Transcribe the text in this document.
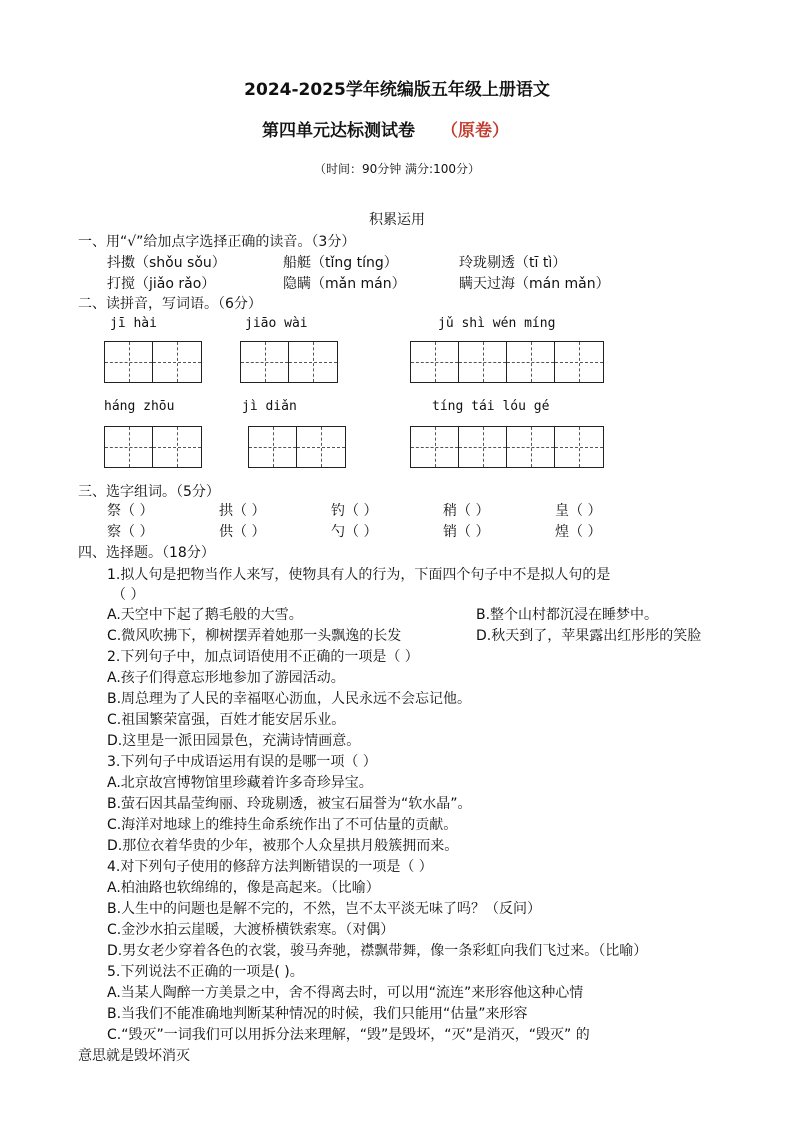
2024-2025学年统编版五年级上册语文
第四单元达标测试卷 （原卷）
（时间：90分钟 满分:100分）
积累运用
一、用“√”给加点字选择正确的读音。（3分）
抖擞（shǒu sǒu）	船艇（tǐng tíng）	玲珑剔透（tī tì）
打搅（jiǎo rǎo）	隐瞒（mǎn mán）	瞒天过海（mán mǎn）
二、读拼音，写词语。（6分）
jī hài	jiāo wài	jǔ shì wén míng
háng zhōu	jì diǎn	tíng tái lóu gé
三、选字组词。（5分）
祭（ ）	拱（ ）	钓（ ）	稍（ ）	皇（ ）
察（ ）	供（ ）	勺（ ）	销（ ）	煌（ ）
四、选择题。（18分）
1.拟人句是把物当作人来写，使物具有人的行为，下面四个句子中不是拟人句的是
（ ）
A.天空中下起了鹅毛般的大雪。	B.整个山村都沉浸在睡梦中。
C.微风吹拂下，柳树摆弄着她那一头飘逸的长发	D.秋天到了，苹果露出红彤彤的笑脸
2.下列句子中，加点词语使用不正确的一项是（ ）
A.孩子们得意忘形地参加了游园活动。
B.周总理为了人民的幸福呕心沥血，人民永远不会忘记他。
C.祖国繁荣富强，百姓才能安居乐业。
D.这里是一派田园景色，充满诗情画意。
3.下列句子中成语运用有误的是哪一项（ ）
A.北京故宫博物馆里珍藏着许多奇珍异宝。
B.萤石因其晶莹绚丽、玲珑剔透，被宝石届誉为“软水晶”。
C.海洋对地球上的维持生命系统作出了不可估量的贡献。
D.那位衣着华贵的少年，被那个人众星拱月般簇拥而来。
4.对下列句子使用的修辞方法判断错误的一项是（ ）
A.柏油路也软绵绵的，像是高起来。（比喻）
B.人生中的问题也是解不完的，不然，岂不太平淡无味了吗？（反问）
C.金沙水拍云崖暖，大渡桥横铁索寒。（对偶）
D.男女老少穿着各色的衣裳，骏马奔驰，襟飘带舞，像一条彩虹向我们飞过来。（比喻）
5.下列说法不正确的一项是( )。
A.当某人陶醉一方美景之中，舍不得离去时，可以用“流连”来形容他这种心情
B.当我们不能准确地判断某种情况的时候，我们只能用“估量”来形容
C.“毁灭”一词我们可以用拆分法来理解，“毁”是毁坏，“灭”是消灭，“毁灭” 的
意思就是毁坏消灭
